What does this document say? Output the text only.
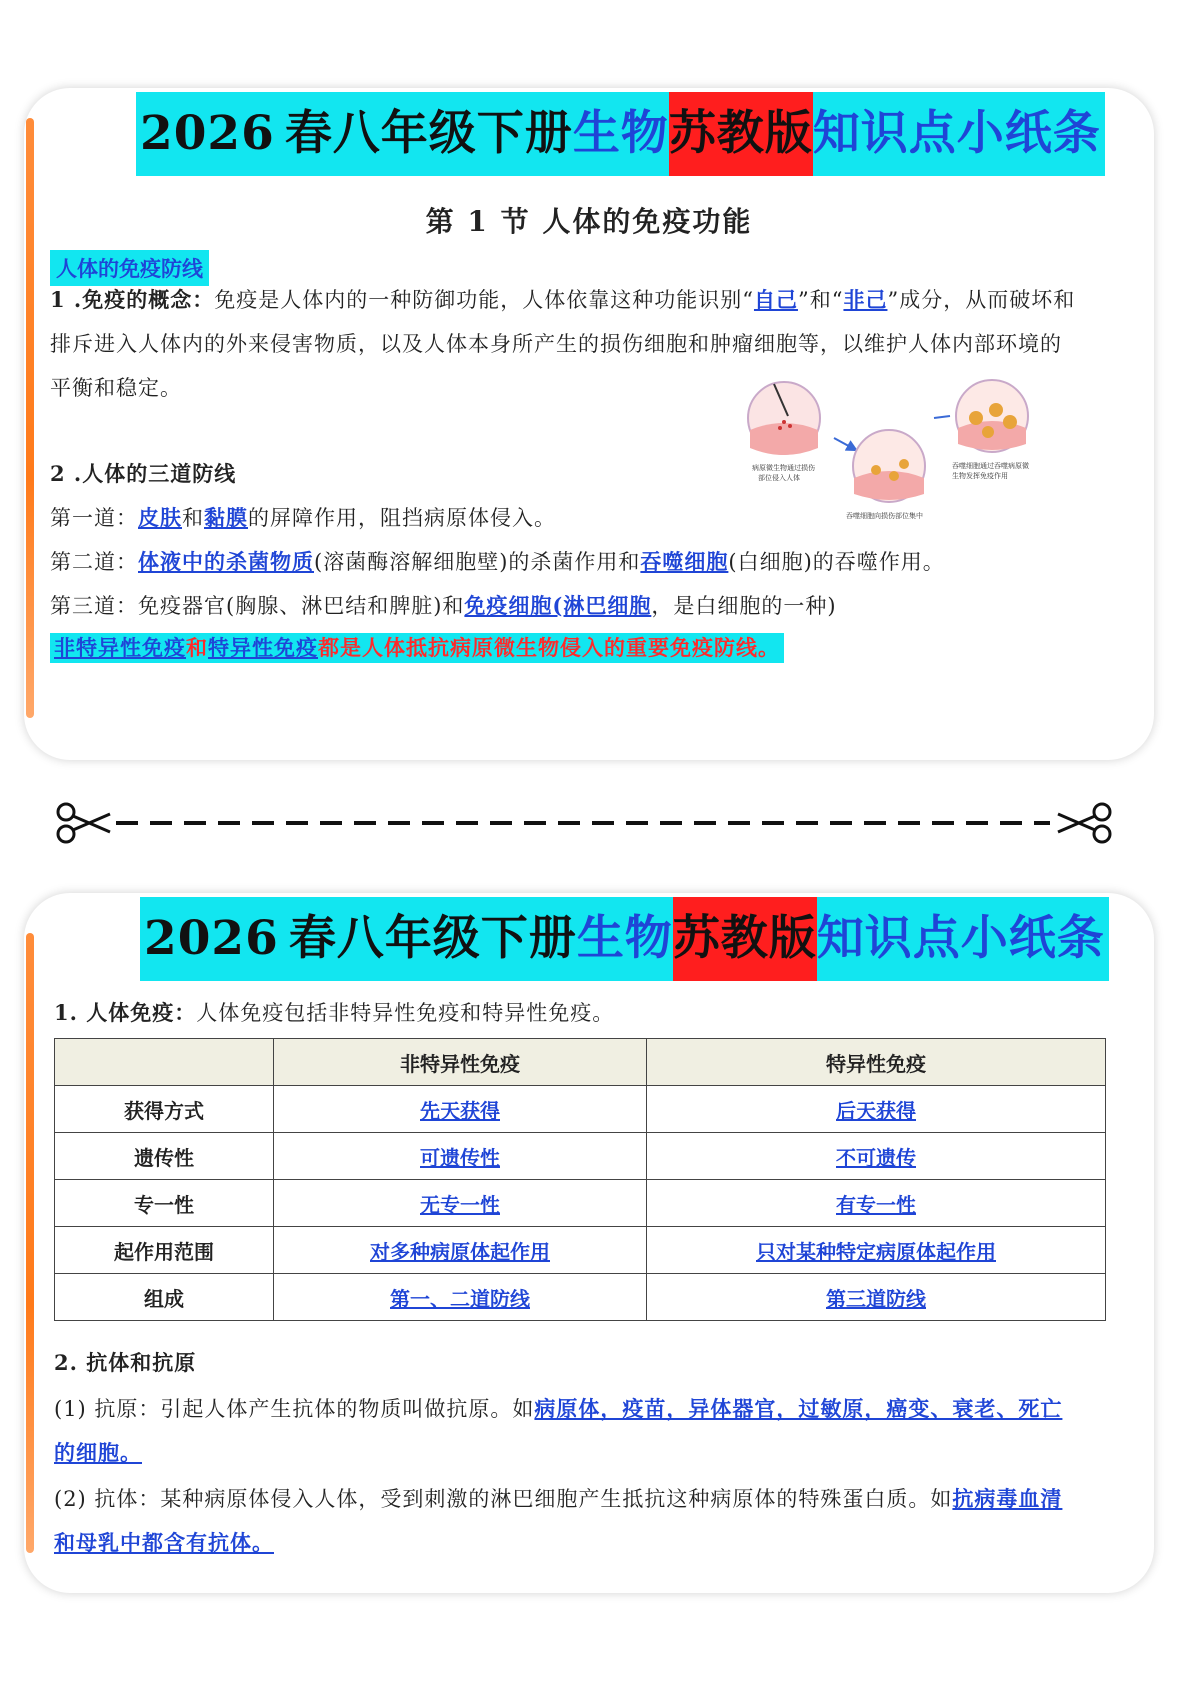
2026 春八年级下册 生物 苏教版 知识点小纸条
第 1 节 人体的免疫功能
人体的免疫防线
1 .免疫的概念：免疫是人体内的一种防御功能，人体依靠这种功能识别“自己”和“非己”成分，从而破坏和
排斥进入人体内的外来侵害物质，以及人体本身所产生的损伤细胞和肿瘤细胞等，以维护人体内部环境的
平衡和稳定。
病原微生物通过损伤
部位侵入人体
吞噬细胞向损伤部位集中
吞噬细胞通过吞噬病原微
生物发挥免疫作用
2 .人体的三道防线
第一道：皮肤和黏膜的屏障作用，阻挡病原体侵入。
第二道：体液中的杀菌物质(溶菌酶溶解细胞壁)的杀菌作用和吞噬细胞(白细胞)的吞噬作用。
第三道：免疫器官(胸腺、淋巴结和脾脏)和免疫细胞(淋巴细胞，是白细胞的一种)
非特异性免疫和特异性免疫都是人体抵抗病原微生物侵入的重要免疫防线。
2026 春八年级下册 生物 苏教版 知识点小纸条
1. 人体免疫：人体免疫包括非特异性免疫和特异性免疫。
	非特异性免疫	特异性免疫
获得方式	先天获得	后天获得
遗传性	可遗传性	不可遗传
专一性	无专一性	有专一性
起作用范围	对多种病原体起作用	只对某种特定病原体起作用
组成	第一、二道防线	第三道防线
2. 抗体和抗原
(1) 抗原：引起人体产生抗体的物质叫做抗原。如病原体，疫苗，异体器官，过敏原，癌变、衰老、死亡
的细胞。
(2) 抗体：某种病原体侵入人体，受到刺激的淋巴细胞产生抵抗这种病原体的特殊蛋白质。如抗病毒血清
和母乳中都含有抗体。
